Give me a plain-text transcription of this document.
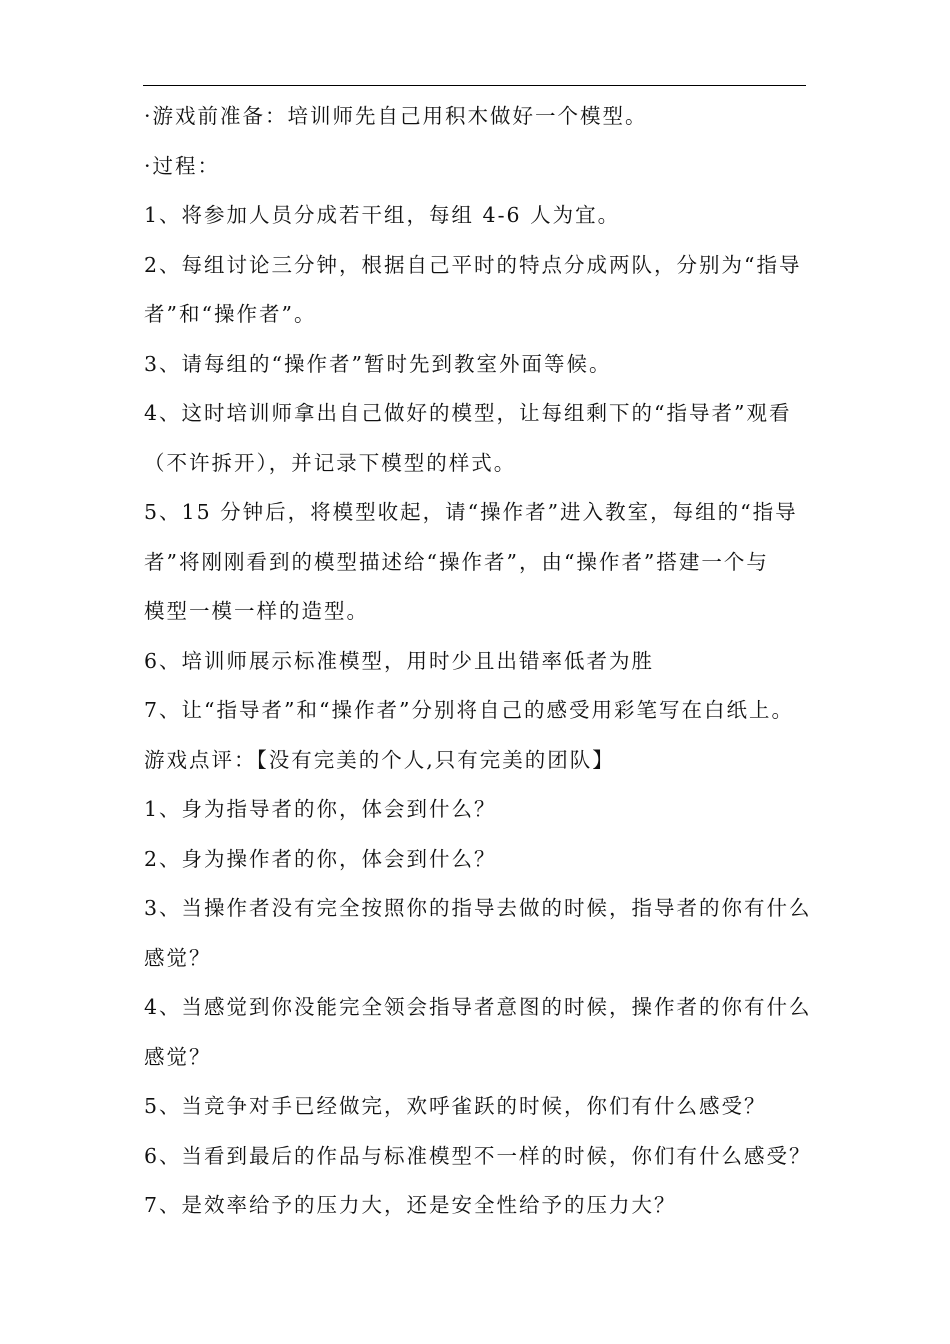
·游戏前准备：培训师先自己用积木做好一个模型。
·过程：
1、将参加人员分成若干组，每组 4-6 人为宜。
2、每组讨论三分钟，根据自己平时的特点分成两队，分别为“指导
者”和“操作者”。
3、请每组的“操作者”暂时先到教室外面等候。
4、这时培训师拿出自己做好的模型，让每组剩下的“指导者”观看
（不许拆开），并记录下模型的样式。
5、15 分钟后，将模型收起，请“操作者”进入教室，每组的“指导
者”将刚刚看到的模型描述给“操作者”，由“操作者”搭建一个与
模型一模一样的造型。
6、培训师展示标准模型，用时少且出错率低者为胜
7、让“指导者”和“操作者”分别将自己的感受用彩笔写在白纸上。
游戏点评：【没有完美的个人,只有完美的团队】
1、身为指导者的你，体会到什么？
2、身为操作者的你，体会到什么？
3、当操作者没有完全按照你的指导去做的时候，指导者的你有什么
感觉？
4、当感觉到你没能完全领会指导者意图的时候，操作者的你有什么
感觉？
5、当竞争对手已经做完，欢呼雀跃的时候，你们有什么感受？
6、当看到最后的作品与标准模型不一样的时候，你们有什么感受？
7、是效率给予的压力大，还是安全性给予的压力大？
